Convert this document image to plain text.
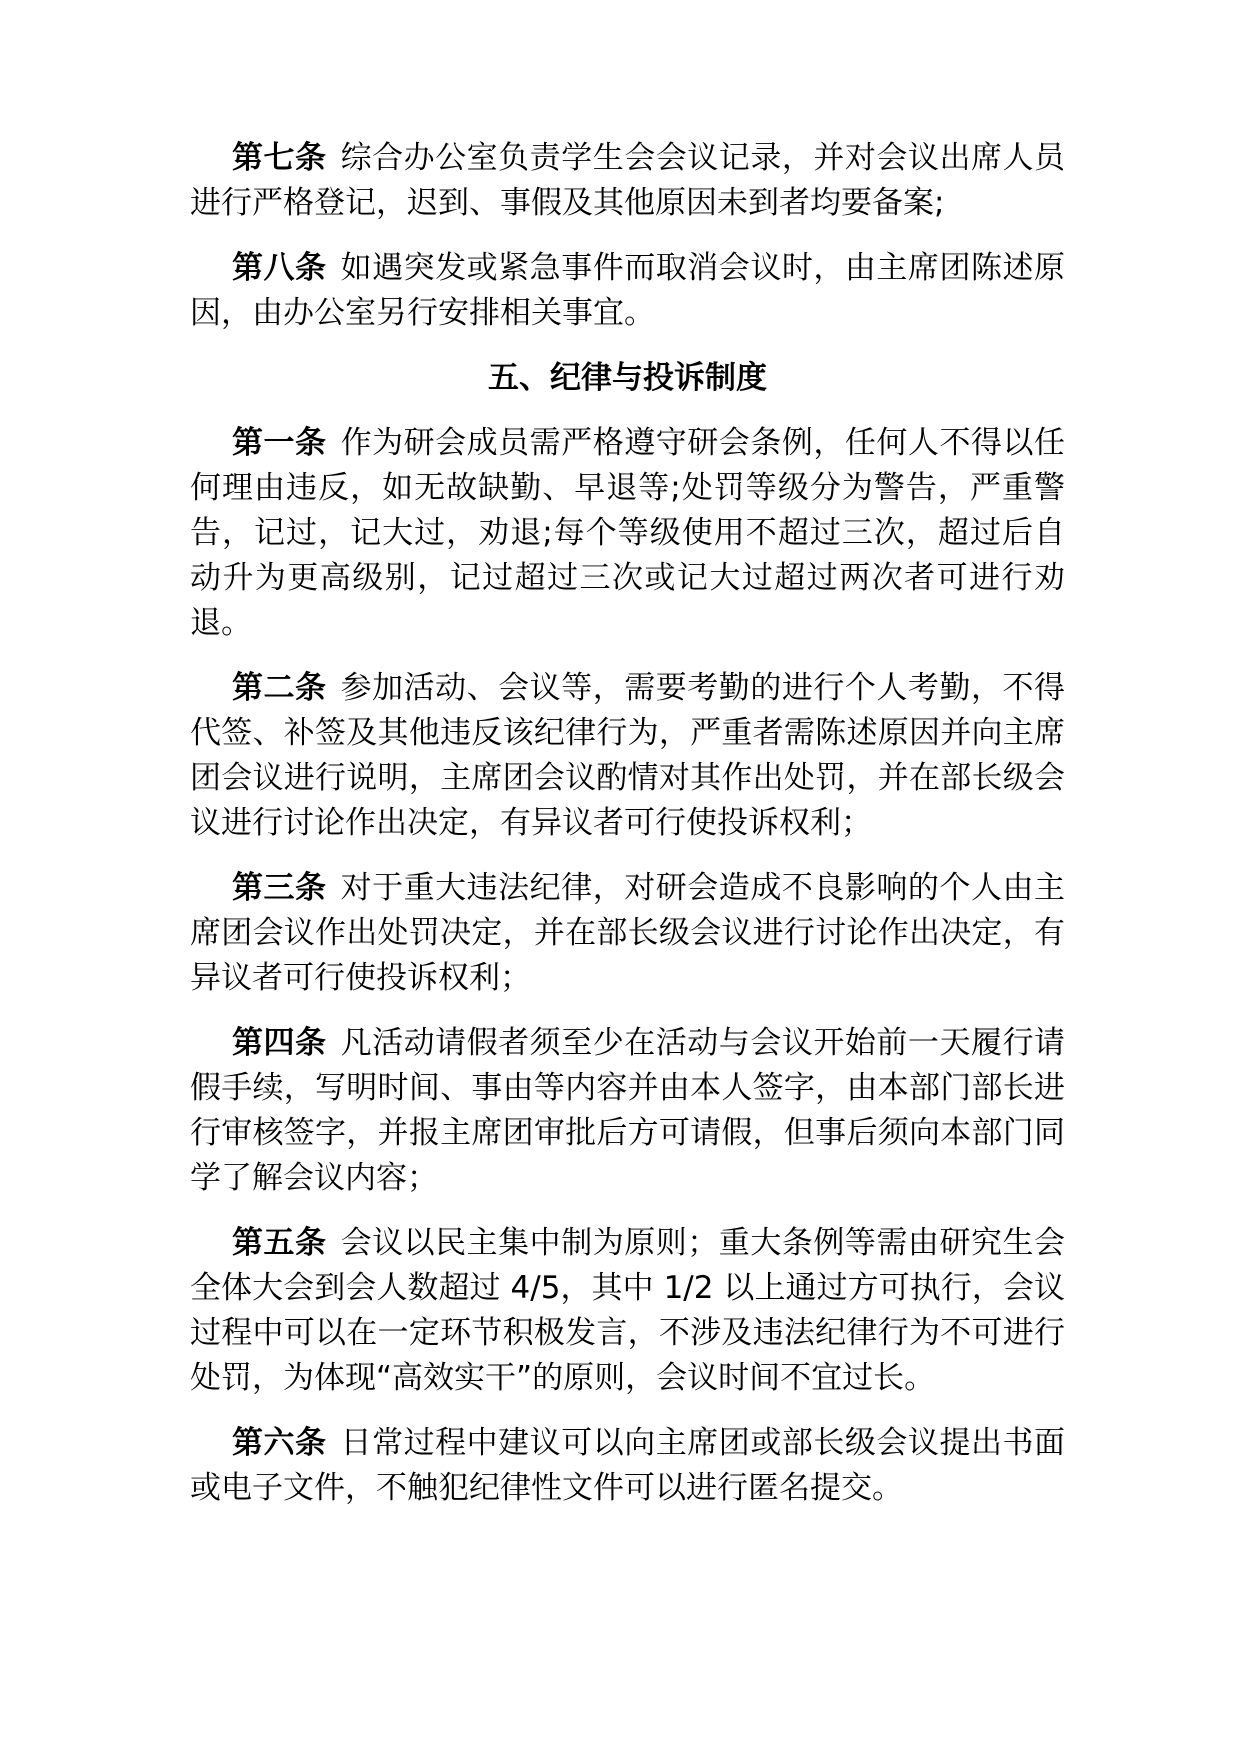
第七条 综合办公室负责学生会会议记录，并对会议出席人员进行严格登记，迟到、事假及其他原因未到者均要备案;

第八条 如遇突发或紧急事件而取消会议时，由主席团陈述原因，由办公室另行安排相关事宜。

五、纪律与投诉制度

第一条 作为研会成员需严格遵守研会条例，任何人不得以任何理由违反，如无故缺勤、早退等;处罚等级分为警告，严重警告，记过，记大过，劝退;每个等级使用不超过三次，超过后自动升为更高级别，记过超过三次或记大过超过两次者可进行劝退。

第二条 参加活动、会议等，需要考勤的进行个人考勤，不得代签、补签及其他违反该纪律行为，严重者需陈述原因并向主席团会议进行说明，主席团会议酌情对其作出处罚，并在部长级会议进行讨论作出决定，有异议者可行使投诉权利；

第三条 对于重大违法纪律，对研会造成不良影响的个人由主席团会议作出处罚决定，并在部长级会议进行讨论作出决定，有异议者可行使投诉权利；

第四条 凡活动请假者须至少在活动与会议开始前一天履行请假手续，写明时间、事由等内容并由本人签字，由本部门部长进行审核签字，并报主席团审批后方可请假，但事后须向本部门同学了解会议内容；

第五条 会议以民主集中制为原则；重大条例等需由研究生会全体大会到会人数超过 4/5，其中 1/2 以上通过方可执行，会议过程中可以在一定环节积极发言，不涉及违法纪律行为不可进行处罚，为体现“高效实干”的原则，会议时间不宜过长。

第六条 日常过程中建议可以向主席团或部长级会议提出书面或电子文件，不触犯纪律性文件可以进行匿名提交。
